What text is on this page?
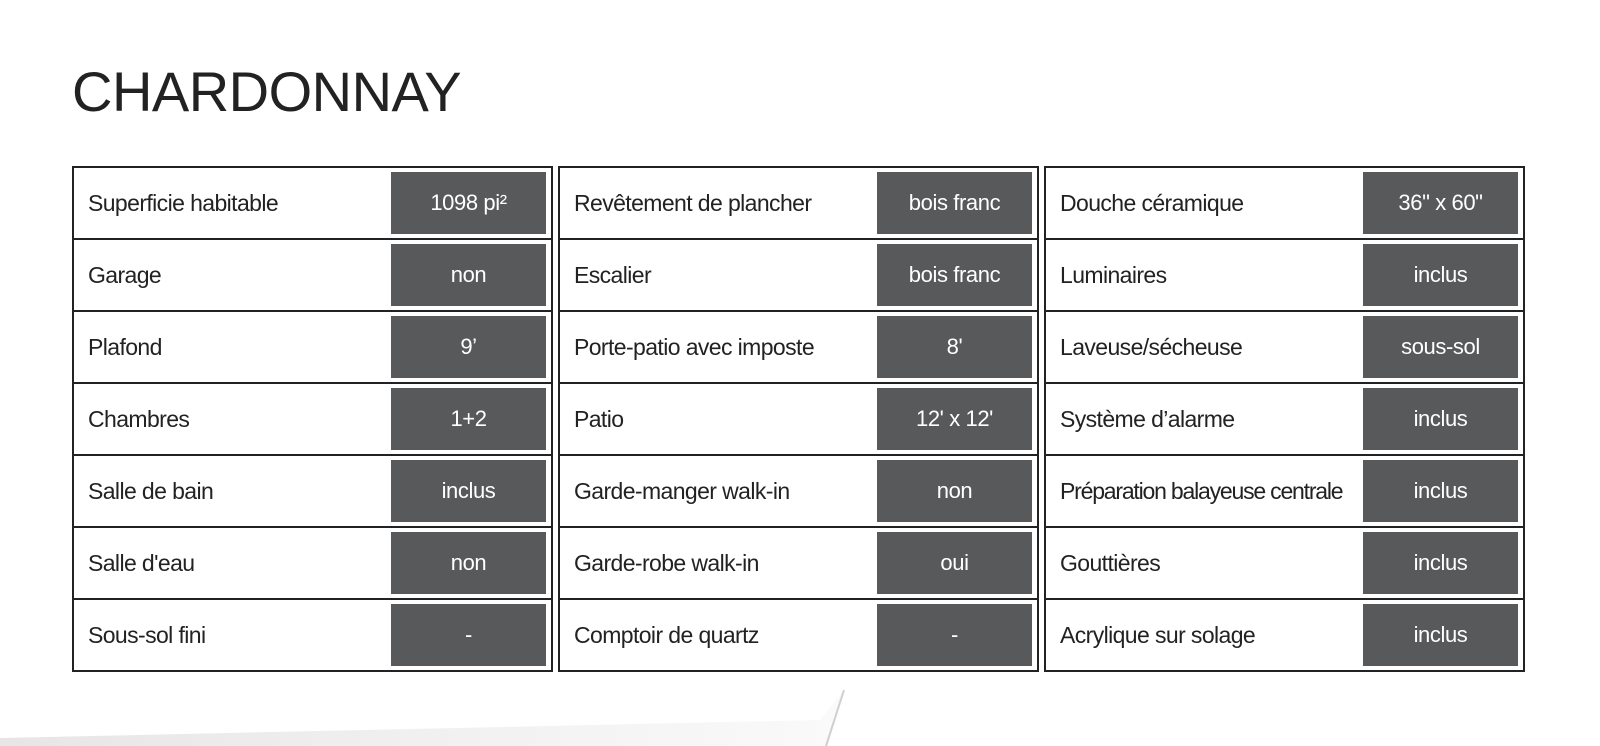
CHARDONNAY
Superficie habitable	1098 pi²
Garage	non
Plafond	9’
Chambres	1+2
Salle de bain	inclus
Salle d'eau	non
Sous-sol fini	-
Revêtement de plancher	bois franc
Escalier	bois franc
Porte-patio avec imposte	8'
Patio	12' x 12'
Garde-manger walk-in	non
Garde-robe walk-in	oui
Comptoir de quartz	-
Douche céramique	36" x 60"
Luminaires	inclus
Laveuse/sécheuse	sous-sol
Système d’alarme	inclus
Préparation balayeuse centrale	inclus
Gouttières	inclus
Acrylique sur solage	inclus
